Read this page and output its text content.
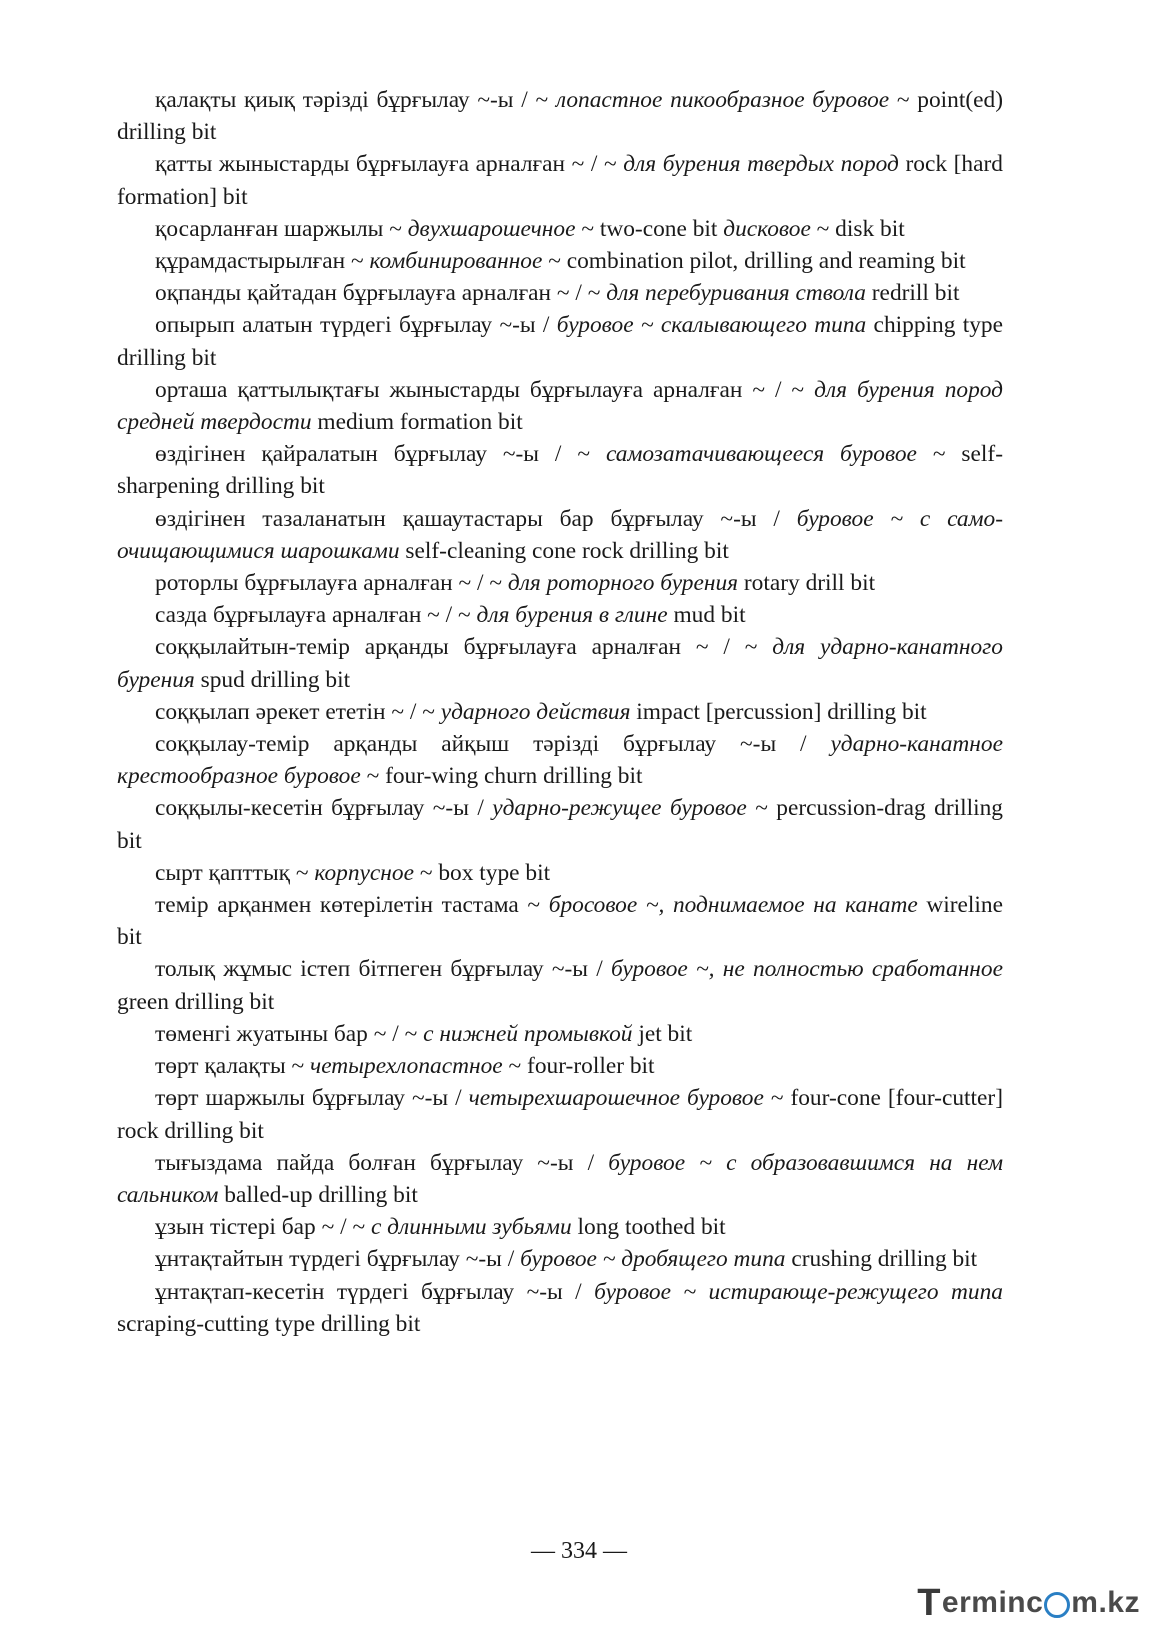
қалақты қиық тәрізді бұрғылау ~-ы / ~ лопастное пикообразное буровое ~ point(ed) drilling bit

қатты жыныстарды бұрғылауға арналған ~ / ~ для бурения твердых пород rock [hard formation] bit

қосарланған шаржылы ~ двухшарошечное ~ two-cone bit дисковое ~ disk bit

құрамдастырылған ~ комбинированное ~ combination pilot, drilling and reaming bit

оқпанды қайтадан бұрғылауға арналған ~ / ~ для перебуривания ствола redrill bit

опырып алатын түрдегі бұрғылау ~-ы / буровое ~ скалывающего типа chipping type drilling bit

орташа қаттылықтағы жыныстарды бұрғылауға арналған ~ / ~ для бурения пород средней твердости medium formation bit

өздігінен қайралатын бұрғылау ~-ы / ~ самозатачивающееся буровое ~ self-sharpening drilling bit

өздігінен тазаланатын қашаутастары бар бұрғылау ~-ы / буровое ~ с самоочищающимися шарошками self-cleaning cone rock drilling bit

роторлы бұрғылауға арналған ~ / ~ для роторного бурения rotary drill bit

сазда бұрғылауға арналған ~ / ~ для бурения в глине mud bit

соққылайтын-темір арқанды бұрғылауға арналған ~ / ~ для ударно-канатного бурения spud drilling bit

соққылап әрекет ететін ~ / ~ ударного действия impact [percussion] drilling bit

соққылау-темір арқанды айқыш тәрізді бұрғылау ~-ы / ударно-канатное крестообразное буровое ~ four-wing churn drilling bit

соққылы-кесетін бұрғылау ~-ы / ударно-режущее буровое ~ percussion-drag drilling bit

сырт қапттық ~ корпусное ~ box type bit

темір арқанмен көтерілетін тастама ~ бросовое ~, поднимаемое на канате wireline bit

толық жұмыс істеп бітпеген бұрғылау ~-ы / буровое ~, не полностью сработанное green drilling bit

төменгі жуатыны бар ~ / ~ с нижней промывкой jet bit

төрт қалақты ~ четырехлопастное ~ four-roller bit

төрт шаржылы бұрғылау ~-ы / четырехшарошечное буровое ~ four-cone [four-cutter] rock drilling bit

тығыздама пайда болған бұрғылау ~-ы / буровое ~ с образовавшимся на нем сальником balled-up drilling bit

ұзын тістері бар ~ / ~ с длинными зубьями long toothed bit

ұнтақтайтын түрдегі бұрғылау ~-ы / буровое ~ дробящего типа crushing drilling bit

ұнтақтап-кесетін түрдегі бұрғылау ~-ы / буровое ~ истирающе-режущего типа scraping-cutting type drilling bit

— 334 —
T erminc m.kz
